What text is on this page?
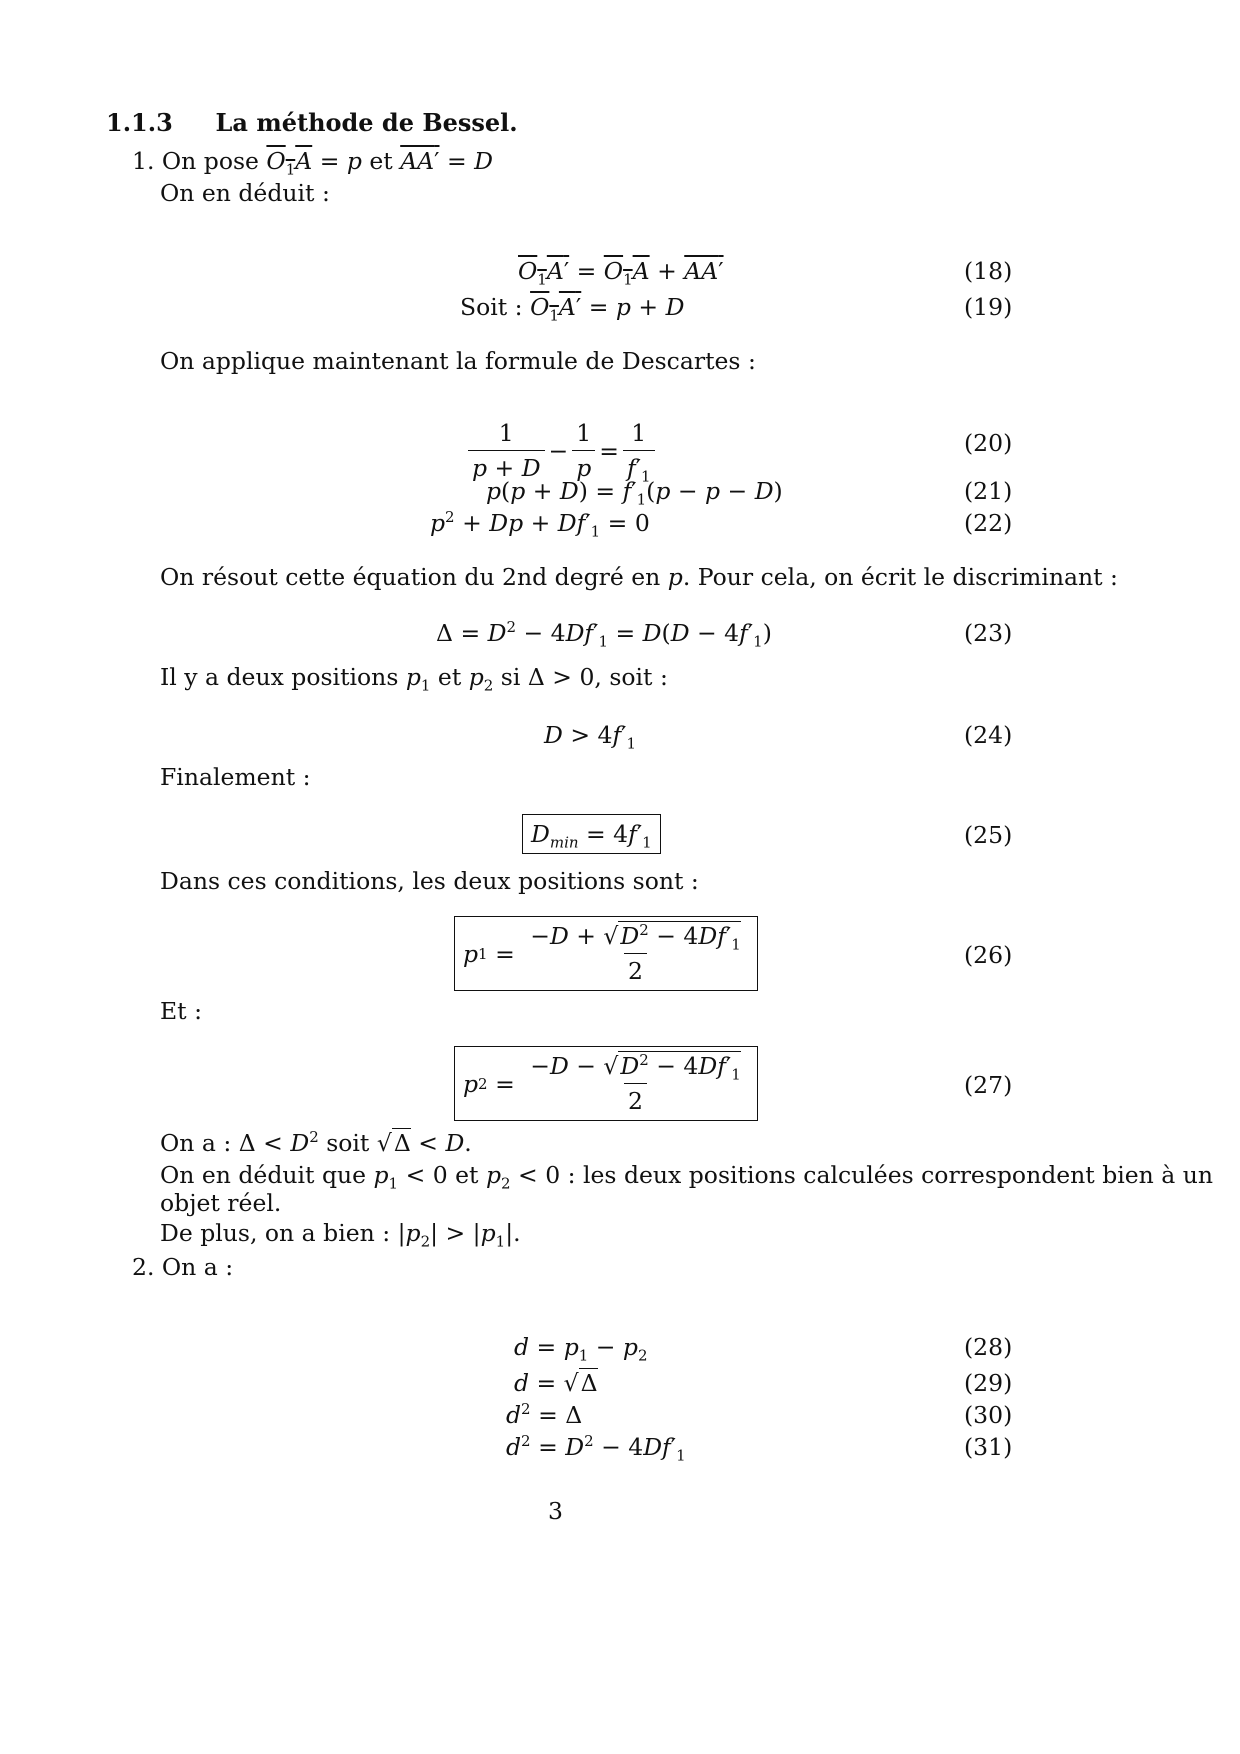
1.1.3 La méthode de Bessel.
1. On pose $O_1A = p$ et AA′ = D
On en déduit :
$O_1A' = O_1A + AA'$	(18)
Soit : $O_1A' = p + D$	(19)
On applique maintenant la formule de Descartes :
$\frac{1}{p + D} - \frac{1}{p} = \frac{1}{f'_1}$	(20)
$p(p + D) = f'_1(p - p - D)$	(21)
$p^2 + Dp + Df'_1 = 0$	(22)
On résout cette équation du 2nd degré en p. Pour cela, on écrit le discriminant :
$\Delta = D^2 - 4Df'_1 = D(D - 4f'_1)$	(23)
Il y a deux positions $p_1$ et $p_2$ si Δ > 0, soit :
$D > 4f'_1$	(24)
Finalement :
$D_{min} = 4f'_1$	(25)
Dans ces conditions, les deux positions sont :
p $1 = \frac{-D + √D^2 - 4Df'_1}{2}$	(26)
Et :
p $2 = \frac{-D - √D^2 - 4Df'_1}{2}$	(27)
On a : $\Delta < D^2$ soit √Δ < D.
On en déduit que $p_1 < 0$ et $p_2 < 0$ : les deux positions calculées correspondent bien à un
objet réel.
De plus, on a bien : $|p_2| > |p_1|$.
2. On a :
$d = p_1 - p_2$	(28)
d = √Δ	(29)
$d^2 = \Delta$	(30)
$d^2 = D^2 - 4Df'_1$	(31)
3
